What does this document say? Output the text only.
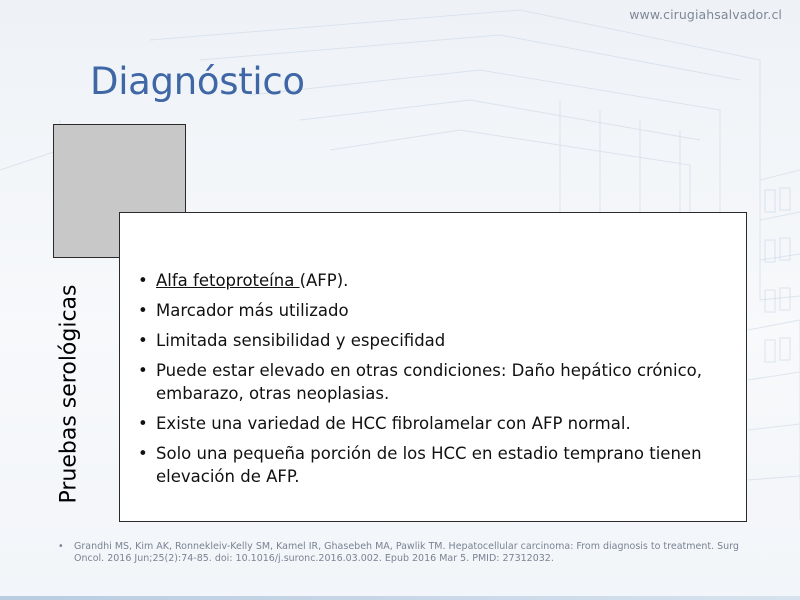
www.cirugiahsalvador.cl
Diagnóstico
Pruebas serológicas
• Alfa fetoproteína (AFP).
• Marcador más utilizado
• Limitada sensibilidad y especifidad
• Puede estar elevado en otras condiciones: Daño hepático crónico, embarazo, otras neoplasias.
• Existe una variedad de HCC fibrolamelar con AFP normal.
• Solo una pequeña porción de los HCC en estadio temprano tienen elevación de AFP.
•	Grandhi MS, Kim AK, Ronnekleiv-Kelly SM, Kamel IR, Ghasebeh MA, Pawlik TM. Hepatocellular carcinoma: From diagnosis to treatment. Surg Oncol. 2016 Jun;25(2):74-85. doi: 10.1016/j.suronc.2016.03.002. Epub 2016 Mar 5. PMID: 27312032.
